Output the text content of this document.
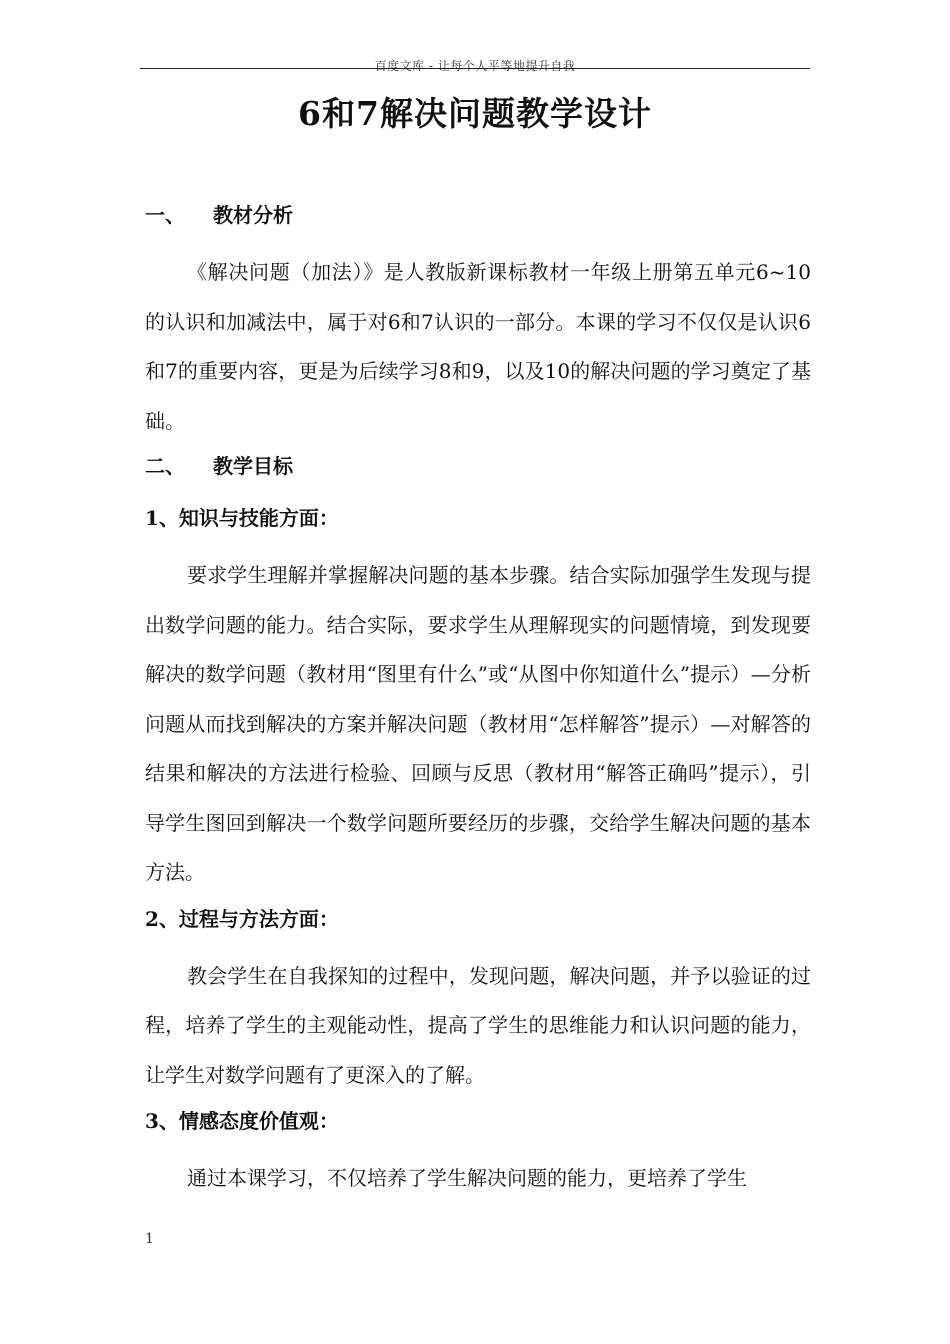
百度文库 - 让每个人平等地提升自我
6和7解决问题教学设计

一、 教材分析

《解决问题（加法）》是人教版新课标教材一年级上册第五单元6~10的认识和加减法中，属于对6和7认识的一部分。本课的学习不仅仅是认识6和7的重要内容，更是为后续学习8和9，以及10的解决问题的学习奠定了基础。

二、 教学目标

1、知识与技能方面：

要求学生理解并掌握解决问题的基本步骤。结合实际加强学生发现与提出数学问题的能力。结合实际，要求学生从理解现实的问题情境，到发现要解决的数学问题（教材用“图里有什么”或“从图中你知道什么”提示）—分析问题从而找到解决的方案并解决问题（教材用“怎样解答”提示）—对解答的结果和解决的方法进行检验、回顾与反思（教材用“解答正确吗”提示），引导学生图回到解决一个数学问题所要经历的步骤，交给学生解决问题的基本方法。

2、过程与方法方面：

教会学生在自我探知的过程中，发现问题，解决问题，并予以验证的过程，培养了学生的主观能动性，提高了学生的思维能力和认识问题的能力，让学生对数学问题有了更深入的了解。

3、情感态度价值观：

通过本课学习，不仅培养了学生解决问题的能力，更培养了学生

1
